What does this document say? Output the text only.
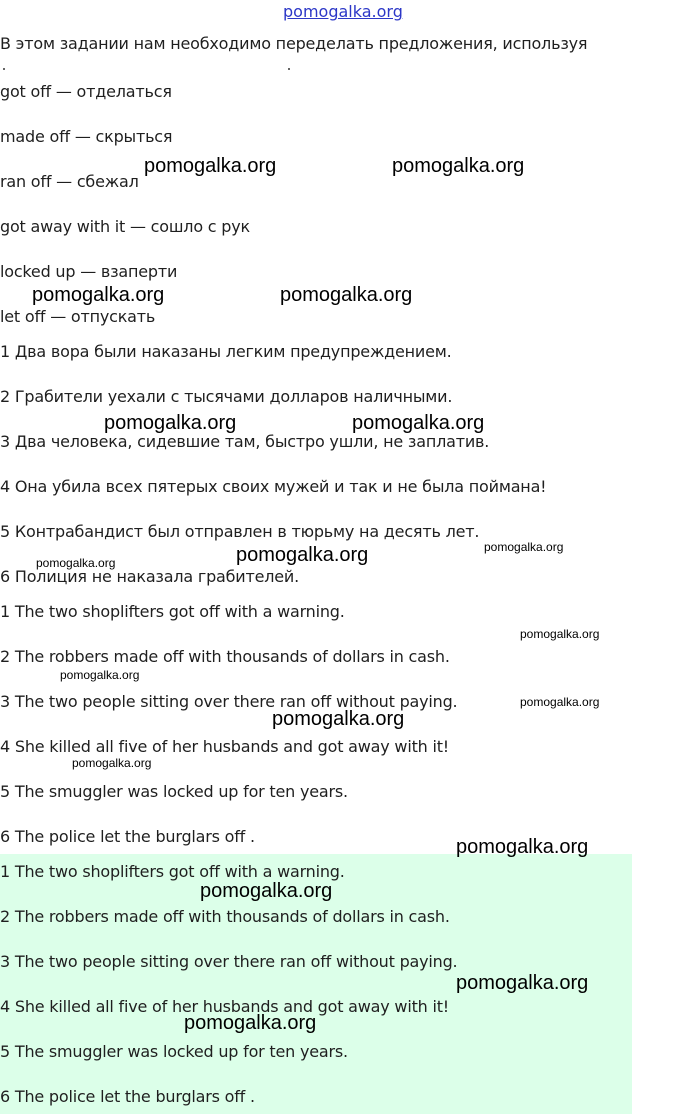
pomogalka.org
В этом задании нам необходимо переделать предложения, используя
got off — отделаться
made off — скрыться
ran off — сбежал
got away with it — сошло с рук
locked up — взаперти
let off — отпускать
1 Два вора были наказаны легким предупреждением.
2 Грабители уехали с тысячами долларов наличными.
3 Два человека, сидевшие там, быстро ушли, не заплатив.
4 Она убила всех пятерых своих мужей и так и не была поймана!
5 Контрабандист был отправлен в тюрьму на десять лет.
6 Полиция не наказала грабителей.
1 The two shoplifters got off with a warning.
2 The robbers made off with thousands of dollars in cash.
3 The two people sitting over there ran off without paying.
4 She killed all five of her husbands and got away with it!
5 The smuggler was locked up for ten years.
6 The police let the burglars off .
1 The two shoplifters got off with a warning.
2 The robbers made off with thousands of dollars in cash.
3 The two people sitting over there ran off without paying.
4 She killed all five of her husbands and got away with it!
5 The smuggler was locked up for ten years.
6 The police let the burglars off .
pomogalka.org	pomogalka.org
pomogalka.org	pomogalka.org
pomogalka.org	pomogalka.org
pomogalka.org
pomogalka.org
pomogalka.org
pomogalka.org
pomogalka.org
pomogalka.org
pomogalka.org
pomogalka.org
pomogalka.org
pomogalka.org
pomogalka.org
pomogalka.org
